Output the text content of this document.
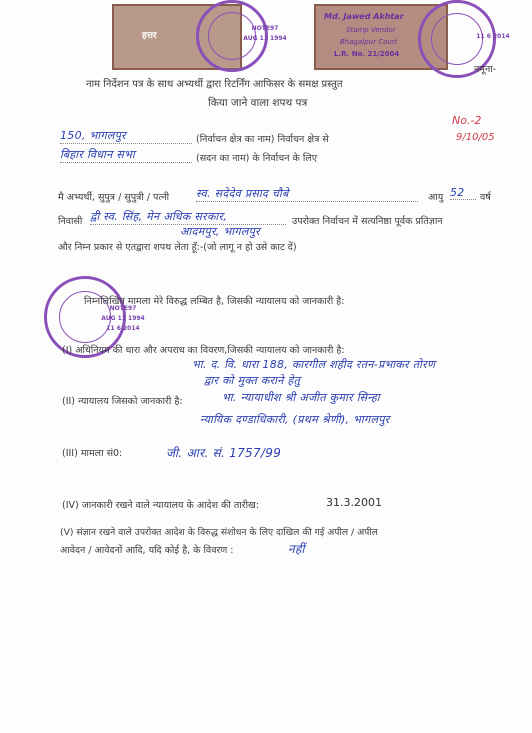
हत्तर
Md. Jawed Akhtar
Stamp Vendor
Bhagalpur Court
L.R. No. 21/2004
NOTE97
AUG 11 1994	11 6 2014
NOTE97
AUG 11 1994
11 6 2014
नमूना-
नाम निर्देशन पत्र के साथ अभ्यर्थी द्वारा रिटर्निंग आफिसर के समक्ष प्रस्तुत
किया जाने वाला शपथ पत्र
No.-2
9/10/05
150, भागलपुर	(निर्वाचन क्षेत्र का नाम) निर्वाचन क्षेत्र से
बिहार विधान सभा	(सदन का नाम) के निर्वाचन के लिए
मै अभ्यर्थी, सुपुत्र / सुपुत्री / पत्नी स्व. सदेदेव प्रसाद चौबे	आयु 52	वर्ष
निवासी द्वी स्व. सिंह, मेन अधिक सरकार,	उपरोक्त निर्वाचन में सत्यनिष्ठा पूर्वक प्रतिज्ञान
आदमपुर, भागलपुर
और निम्न प्रकार से एतद्वारा शपथ लेता हूँ:-(जो लागू न हो उसे काट दें)
निम्नलिखित मामला मेरे विरुद्ध लम्बित है, जिसकी न्यायालय को जानकारी है:
(I) अधिनियम की धारा और अपराध का विवरण,जिसकी न्यायालय को जानकारी है:
भा. द. वि. धारा 188, कारगील शहीद रतन-प्रभाकर तोरण
द्वार को मुक्त कराने हेतु
(II) न्यायालय जिसको जानकारी है:	भा. न्यायाधीश श्री अजीत कुमार सिन्हा
न्यायिक दण्डाधिकारी, (प्रथम श्रेणी), भागलपुर
(III) मामला सं0:	जी. आर. सं. 1757/99
(IV) जानकारी रखने वाले न्यायालय के आदेश की तारीख:	31.3.2001
(V) संज्ञान रखने वाले उपरोक्त आदेश के विरुद्ध संशोधन के लिए दाखिल की गई अपील / अपील
आवेदन / आवेदनों आदि, यदि कोई है, के विवरण :	नहीं
